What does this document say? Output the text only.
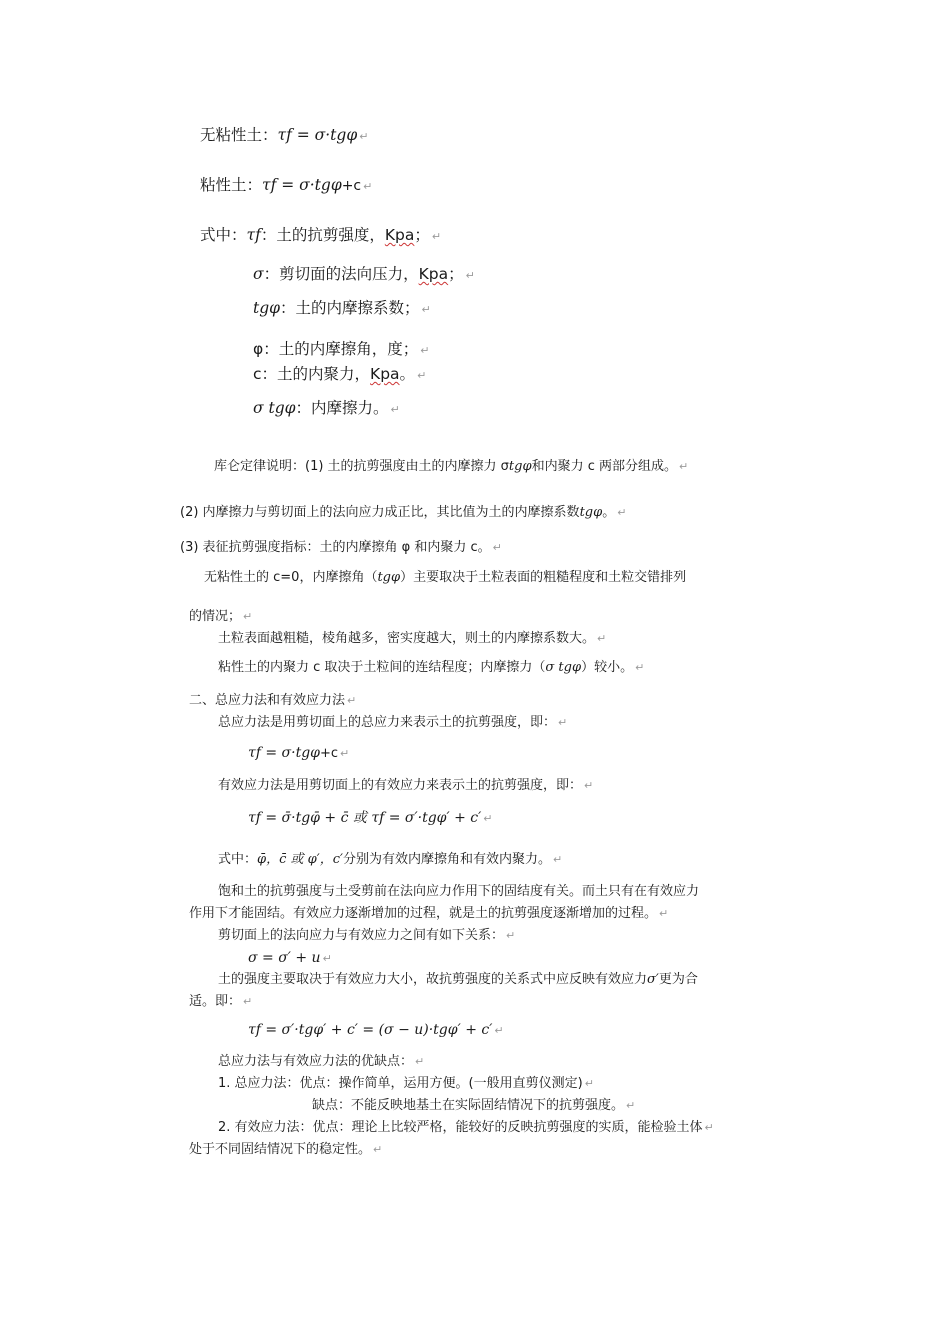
无粘性土：τf = σ·tgφ ↵
粘性土：τf = σ·tgφ+c ↵
式中：τf：土的抗剪强度，Kpa； ↵
σ：剪切面的法向压力，Kpa； ↵
tgφ：土的内摩擦系数； ↵
φ：土的内摩擦角，度； ↵
c：土的内聚力，Kpa。 ↵
σ tgφ：内摩擦力。 ↵
库仑定律说明：(1) 土的抗剪强度由土的内摩擦力 σtgφ和内聚力 c 两部分组成。 ↵
(2) 内摩擦力与剪切面上的法向应力成正比，其比值为土的内摩擦系数tgφ。 ↵
(3) 表征抗剪强度指标：土的内摩擦角 φ 和内聚力 c。 ↵
无粘性土的 c=0，内摩擦角（tgφ）主要取决于土粒表面的粗糙程度和土粒交错排列
的情况； ↵
土粒表面越粗糙，棱角越多，密实度越大，则土的内摩擦系数大。 ↵
粘性土的内聚力 c 取决于土粒间的连结程度；内摩擦力（σ tgφ）较小。 ↵
二、总应力法和有效应力法 ↵
总应力法是用剪切面上的总应力来表示土的抗剪强度，即： ↵
τf = σ·tgφ+c ↵
有效应力法是用剪切面上的有效应力来表示土的抗剪强度，即： ↵
τf = σ̄·tgφ̄ + c̄ 或 τf = σ′·tgφ′ + c′ ↵
式中：φ̄，c̄ 或 φ′，c′分别为有效内摩擦角和有效内聚力。 ↵
饱和土的抗剪强度与土受剪前在法向应力作用下的固结度有关。而土只有在有效应力
作用下才能固结。有效应力逐渐增加的过程，就是土的抗剪强度逐渐增加的过程。 ↵
剪切面上的法向应力与有效应力之间有如下关系： ↵
σ = σ′ + u ↵
土的强度主要取决于有效应力大小，故抗剪强度的关系式中应反映有效应力σ′更为合
适。即： ↵
τf = σ′·tgφ′ + c′ = (σ − u)·tgφ′ + c′ ↵
总应力法与有效应力法的优缺点： ↵
1. 总应力法：优点：操作简单，运用方便。(一般用直剪仪测定) ↵
缺点：不能反映地基土在实际固结情况下的抗剪强度。 ↵
2. 有效应力法：优点：理论上比较严格，能较好的反映抗剪强度的实质，能检验土体 ↵
处于不同固结情况下的稳定性。 ↵
